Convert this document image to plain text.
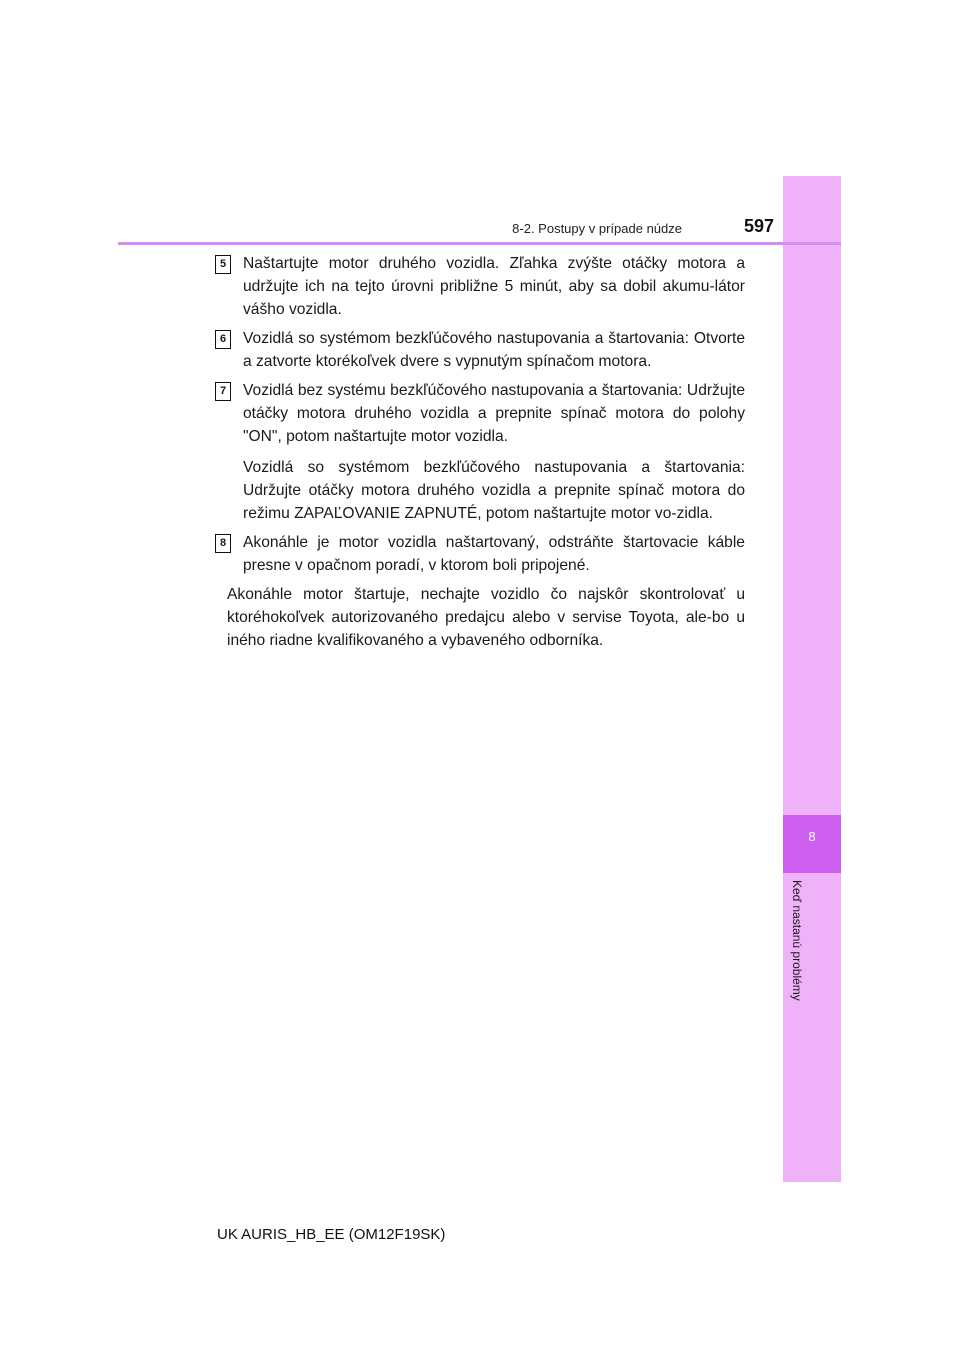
8
Keď nastanú problémy
8-2. Postupy v prípade núdze	597
5	Naštartujte motor druhého vozidla. Zľahka zvýšte otáčky motora a udržujte ich na tejto úrovni približne 5 minút, aby sa dobil akumu-látor vášho vozidla.

6	Vozidlá so systémom bezkľúčového nastupovania a štartovania: Otvorte a zatvorte ktorékoľvek dvere s vypnutým spínačom motora.

7	Vozidlá bez systému bezkľúčového nastupovania a štartovania: Udržujte otáčky motora druhého vozidla a prepnite spínač motora do polohy "ON", potom naštartujte motor vozidla.

Vozidlá so systémom bezkľúčového nastupovania a štartovania: Udržujte otáčky motora druhého vozidla a prepnite spínač motora do režimu ZAPAĽOVANIE ZAPNUTÉ, potom naštartujte motor vo-zidla.

8	Akonáhle je motor vozidla naštartovaný, odstráňte štartovacie káble presne v opačnom poradí, v ktorom boli pripojené.

Akonáhle motor štartuje, nechajte vozidlo čo najskôr skontrolovať u ktoréhokoľvek autorizovaného predajcu alebo v servise Toyota, ale-bo u iného riadne kvalifikovaného a vybaveného odborníka.

UK AURIS_HB_EE (OM12F19SK)
